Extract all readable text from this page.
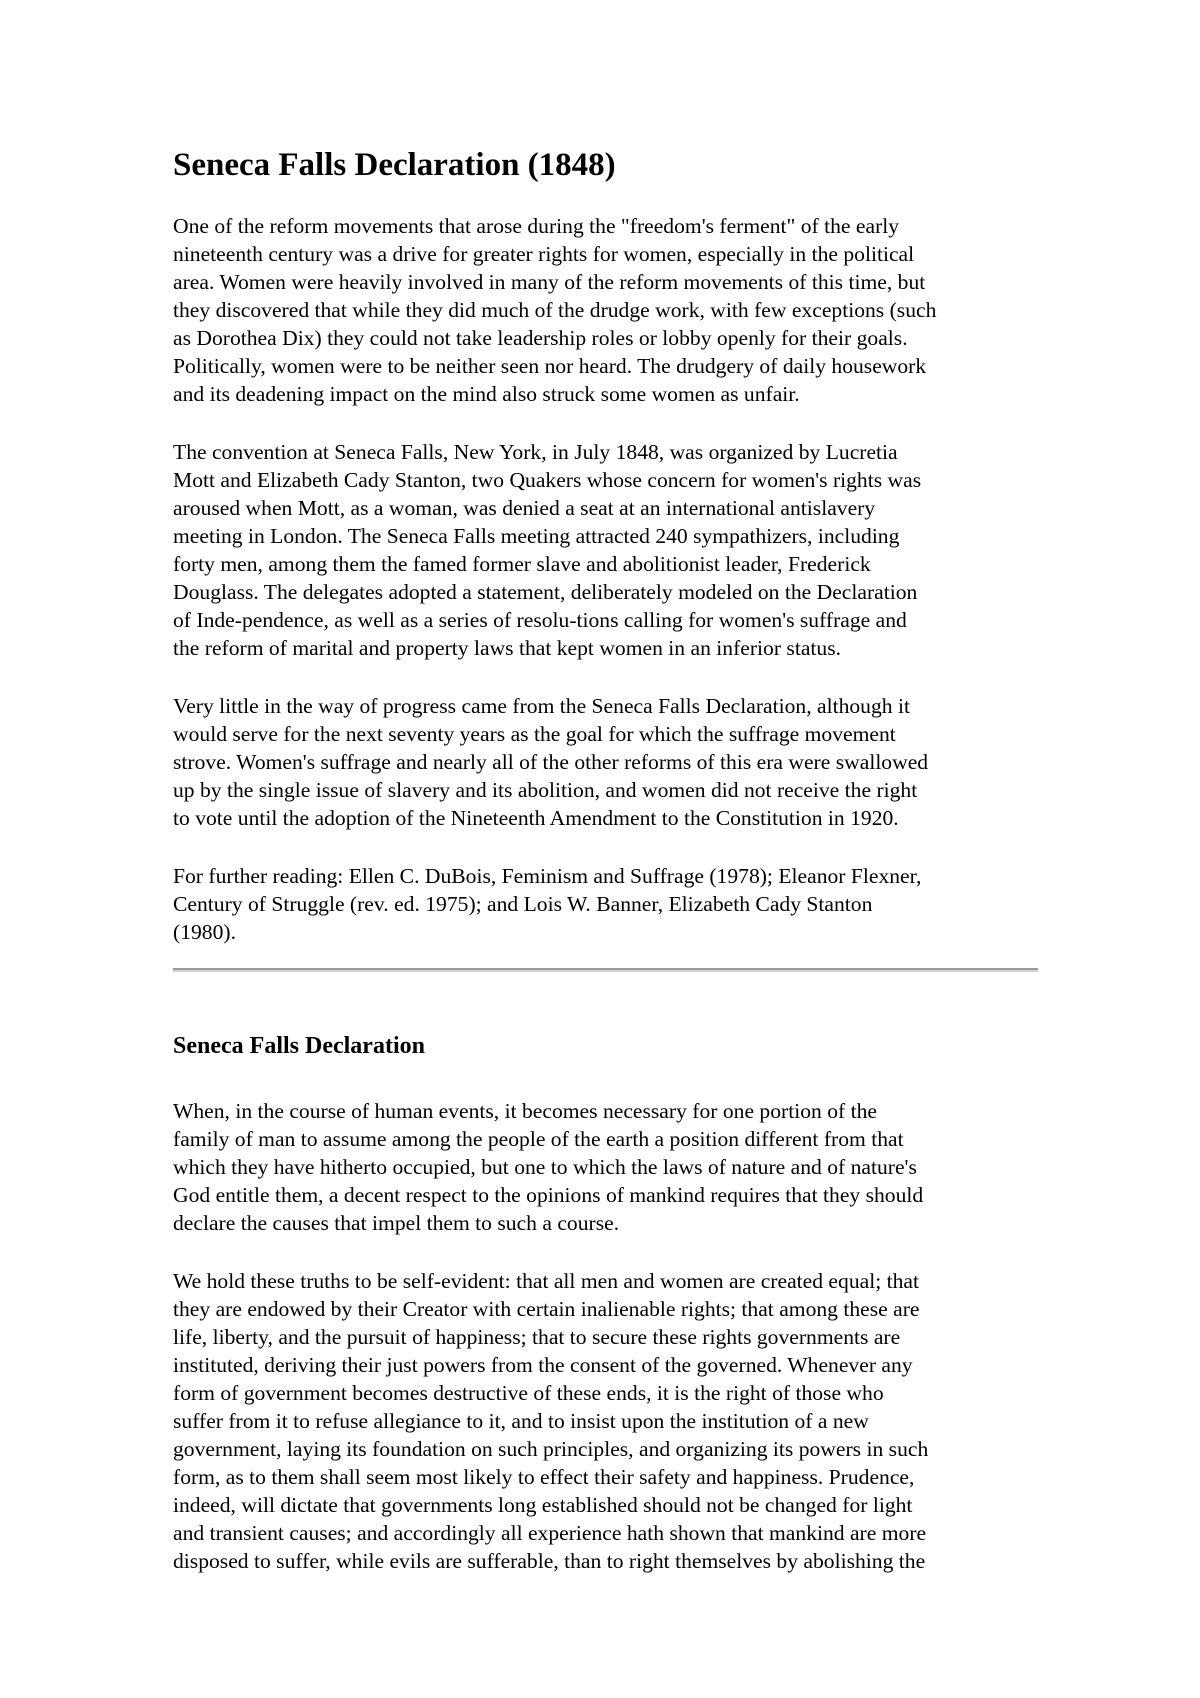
Seneca Falls Declaration (1848)

One of the reform movements that arose during the "freedom's ferment" of the early
nineteenth century was a drive for greater rights for women, especially in the political
area. Women were heavily involved in many of the reform movements of this time, but
they discovered that while they did much of the drudge work, with few exceptions (such
as Dorothea Dix) they could not take leadership roles or lobby openly for their goals.
Politically, women were to be neither seen nor heard. The drudgery of daily housework
and its deadening impact on the mind also struck some women as unfair.

The convention at Seneca Falls, New York, in July 1848, was organized by Lucretia
Mott and Elizabeth Cady Stanton, two Quakers whose concern for women's rights was
aroused when Mott, as a woman, was denied a seat at an international antislavery
meeting in London. The Seneca Falls meeting attracted 240 sympathizers, including
forty men, among them the famed former slave and abolitionist leader, Frederick
Douglass. The delegates adopted a statement, deliberately modeled on the Declaration
of Inde-pendence, as well as a series of resolu-tions calling for women's suffrage and
the reform of marital and property laws that kept women in an inferior status.

Very little in the way of progress came from the Seneca Falls Declaration, although it
would serve for the next seventy years as the goal for which the suffrage movement
strove. Women's suffrage and nearly all of the other reforms of this era were swallowed
up by the single issue of slavery and its abolition, and women did not receive the right
to vote until the adoption of the Nineteenth Amendment to the Constitution in 1920.

For further reading: Ellen C. DuBois, Feminism and Suffrage (1978); Eleanor Flexner,
Century of Struggle (rev. ed. 1975); and Lois W. Banner, Elizabeth Cady Stanton
(1980).

Seneca Falls Declaration

When, in the course of human events, it becomes necessary for one portion of the
family of man to assume among the people of the earth a position different from that
which they have hitherto occupied, but one to which the laws of nature and of nature's
God entitle them, a decent respect to the opinions of mankind requires that they should
declare the causes that impel them to such a course.

We hold these truths to be self-evident: that all men and women are created equal; that
they are endowed by their Creator with certain inalienable rights; that among these are
life, liberty, and the pursuit of happiness; that to secure these rights governments are
instituted, deriving their just powers from the consent of the governed. Whenever any
form of government becomes destructive of these ends, it is the right of those who
suffer from it to refuse allegiance to it, and to insist upon the institution of a new
government, laying its foundation on such principles, and organizing its powers in such
form, as to them shall seem most likely to effect their safety and happiness. Prudence,
indeed, will dictate that governments long established should not be changed for light
and transient causes; and accordingly all experience hath shown that mankind are more
disposed to suffer, while evils are sufferable, than to right themselves by abolishing the
